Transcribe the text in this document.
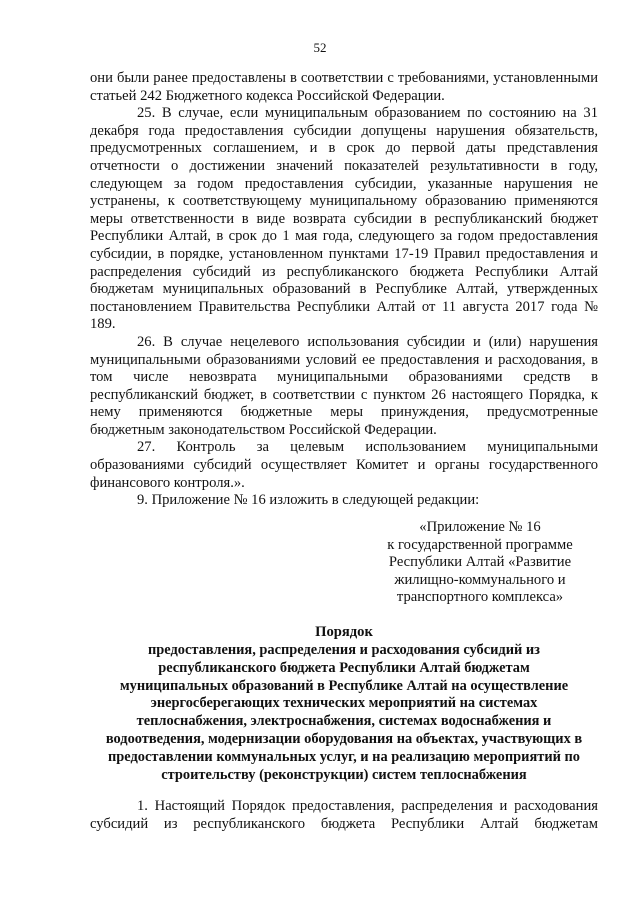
52

они были ранее предоставлены в соответствии с требованиями, установленными статьей 242 Бюджетного кодекса Российской Федерации.

25. В случае, если муниципальным образованием по состоянию на 31 декабря года предоставления субсидии допущены нарушения обязательств, предусмотренных соглашением, и в срок до первой даты представления отчетности о достижении значений показателей результативности в году, следующем за годом предоставления субсидии, указанные нарушения не устранены, к соответствующему муниципальному образованию применяются меры ответственности в виде возврата субсидии в республиканский бюджет Республики Алтай, в срок до 1 мая года, следующего за годом предоставления субсидии, в порядке, установленном пунктами 17-19 Правил предоставления и распределения субсидий из республиканского бюджета Республики Алтай бюджетам муниципальных образований в Республике Алтай, утвержденных постановлением Правительства Республики Алтай от 11 августа 2017 года № 189.

26. В случае нецелевого использования субсидии и (или) нарушения муниципальными образованиями условий ее предоставления и расходования, в том числе невозврата муниципальными образованиями средств в республиканский бюджет, в соответствии с пунктом 26 настоящего Порядка, к нему применяются бюджетные меры принуждения, предусмотренные бюджетным законодательством Российской Федерации.

27. Контроль за целевым использованием муниципальными образованиями субсидий осуществляет Комитет и органы государственного финансового контроля.».

9. Приложение № 16 изложить в следующей редакции:

«Приложение № 16
к государственной программе
Республики Алтай «Развитие
жилищно-коммунального и
транспортного комплекса»
Порядок
предоставления, распределения и расходования субсидий из
республиканского бюджета Республики Алтай бюджетам
муниципальных образований в Республике Алтай на осуществление
энергосберегающих технических мероприятий на системах
теплоснабжения, электроснабжения, системах водоснабжения и
водоотведения, модернизации оборудования на объектах, участвующих в
предоставлении коммунальных услуг, и на реализацию мероприятий по
строительству (реконструкции) систем теплоснабжения

1. Настоящий Порядок предоставления, распределения и расходования субсидий из республиканского бюджета Республики Алтай бюджетам
